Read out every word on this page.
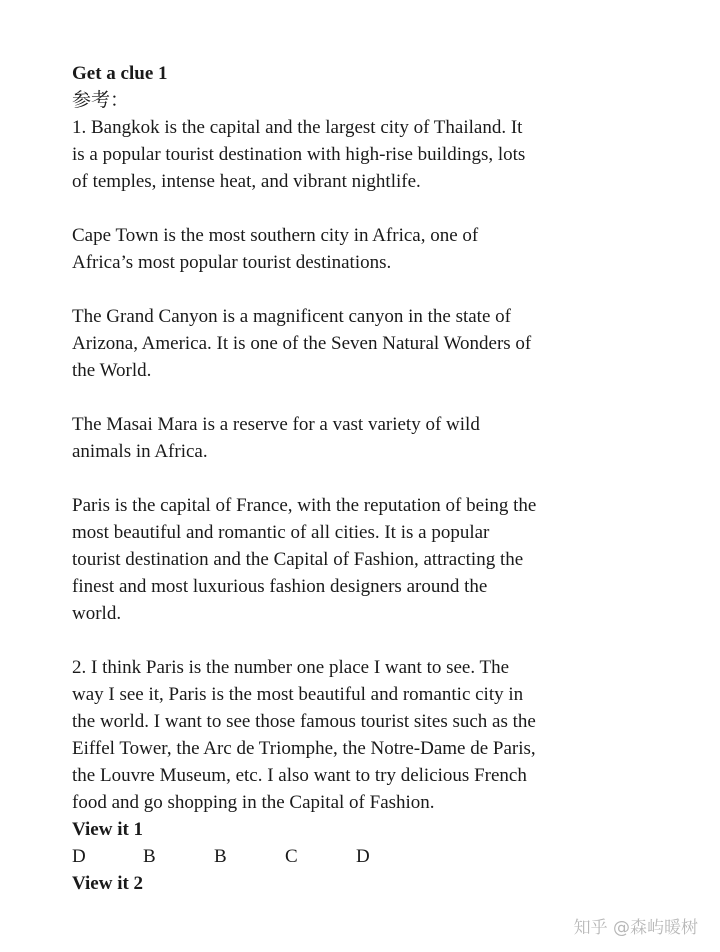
Get a clue 1
参考：
1. Bangkok is the capital and the largest city of Thailand. It
is a popular tourist destination with high-rise buildings, lots
of temples, intense heat, and vibrant nightlife.
Cape Town is the most southern city in Africa, one of
Africa’s most popular tourist destinations.
The Grand Canyon is a magnificent canyon in the state of
Arizona, America. It is one of the Seven Natural Wonders of
the World.
The Masai Mara is a reserve for a vast variety of wild
animals in Africa.
Paris is the capital of France, with the reputation of being the
most beautiful and romantic of all cities. It is a popular
tourist destination and the Capital of Fashion, attracting the
finest and most luxurious fashion designers around the
world.
2. I think Paris is the number one place I want to see. The
way I see it, Paris is the most beautiful and romantic city in
the world. I want to see those famous tourist sites such as the
Eiffel Tower, the Arc de Triomphe, the Notre-Dame de Paris,
the Louvre Museum, etc. I also want to try delicious French
food and go shopping in the Capital of Fashion.
View it 1
D	B	B	C	D
View it 2
知乎 @森屿暖树
